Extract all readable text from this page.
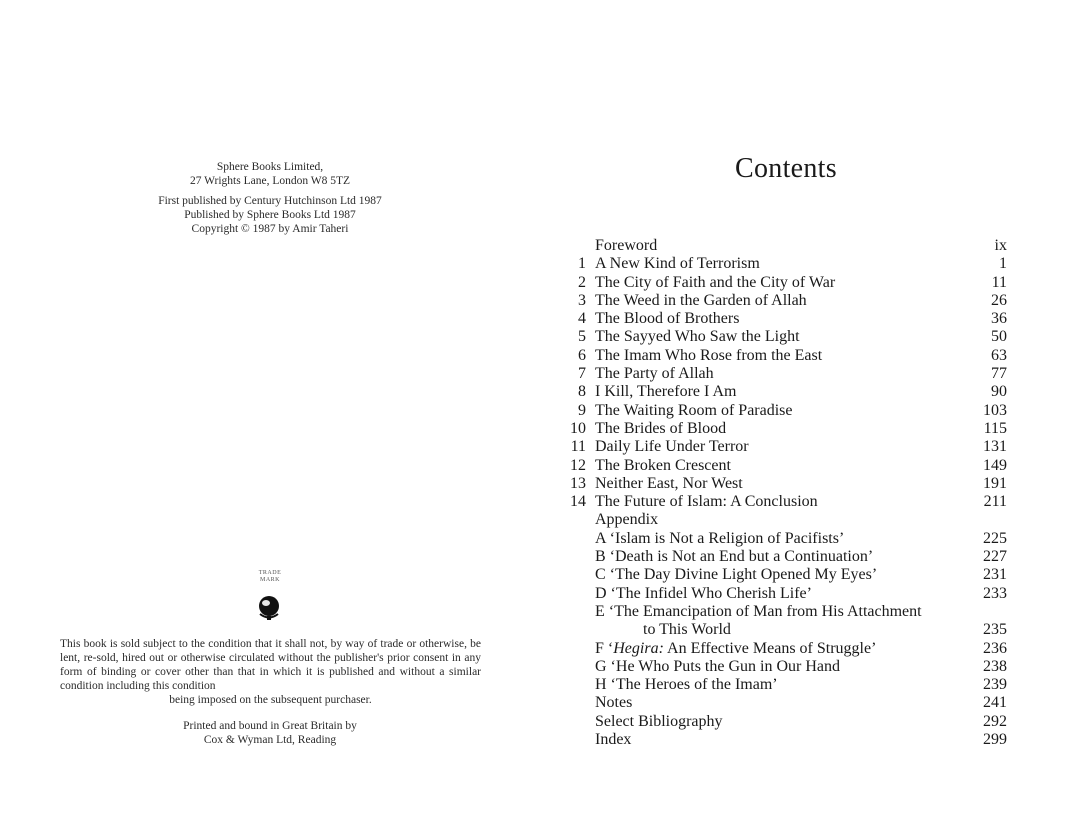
Sphere Books Limited,
27 Wrights Lane, London W8 5TZ
First published by Century Hutchinson Ltd 1987
Published by Sphere Books Ltd 1987
Copyright © 1987 by Amir Taheri
TRADE
MARK
This book is sold subject to the condition that it shall not, by way of trade or otherwise, be lent, re-sold, hired out or otherwise circulated without the publisher's prior consent in any form of binding or cover other than that in which it is published and without a similar condition including this condition
being imposed on the subsequent purchaser.
Printed and bound in Great Britain by
Cox & Wyman Ltd, Reading
Contents
Foreword	ix
1 A New Kind of Terrorism	1
2 The City of Faith and the City of War	11
3 The Weed in the Garden of Allah	26
4 The Blood of Brothers	36
5 The Sayyed Who Saw the Light	50
6 The Imam Who Rose from the East	63
7 The Party of Allah	77
8 I Kill, Therefore I Am	90
9 The Waiting Room of Paradise	103
10 The Brides of Blood	115
11 Daily Life Under Terror	131
12 The Broken Crescent	149
13 Neither East, Nor West	191
14 The Future of Islam: A Conclusion	211
Appendix
A ‘Islam is Not a Religion of Pacifists’	225
B ‘Death is Not an End but a Continuation’	227
C ‘The Day Divine Light Opened My Eyes’	231
D ‘The Infidel Who Cherish Life’	233
E ‘The Emancipation of Man from His Attachment
to This World	235
F ‘Hegira: An Effective Means of Struggle’	236
G ‘He Who Puts the Gun in Our Hand	238
H ‘The Heroes of the Imam’	239
Notes	241
Select Bibliography	292
Index	299
